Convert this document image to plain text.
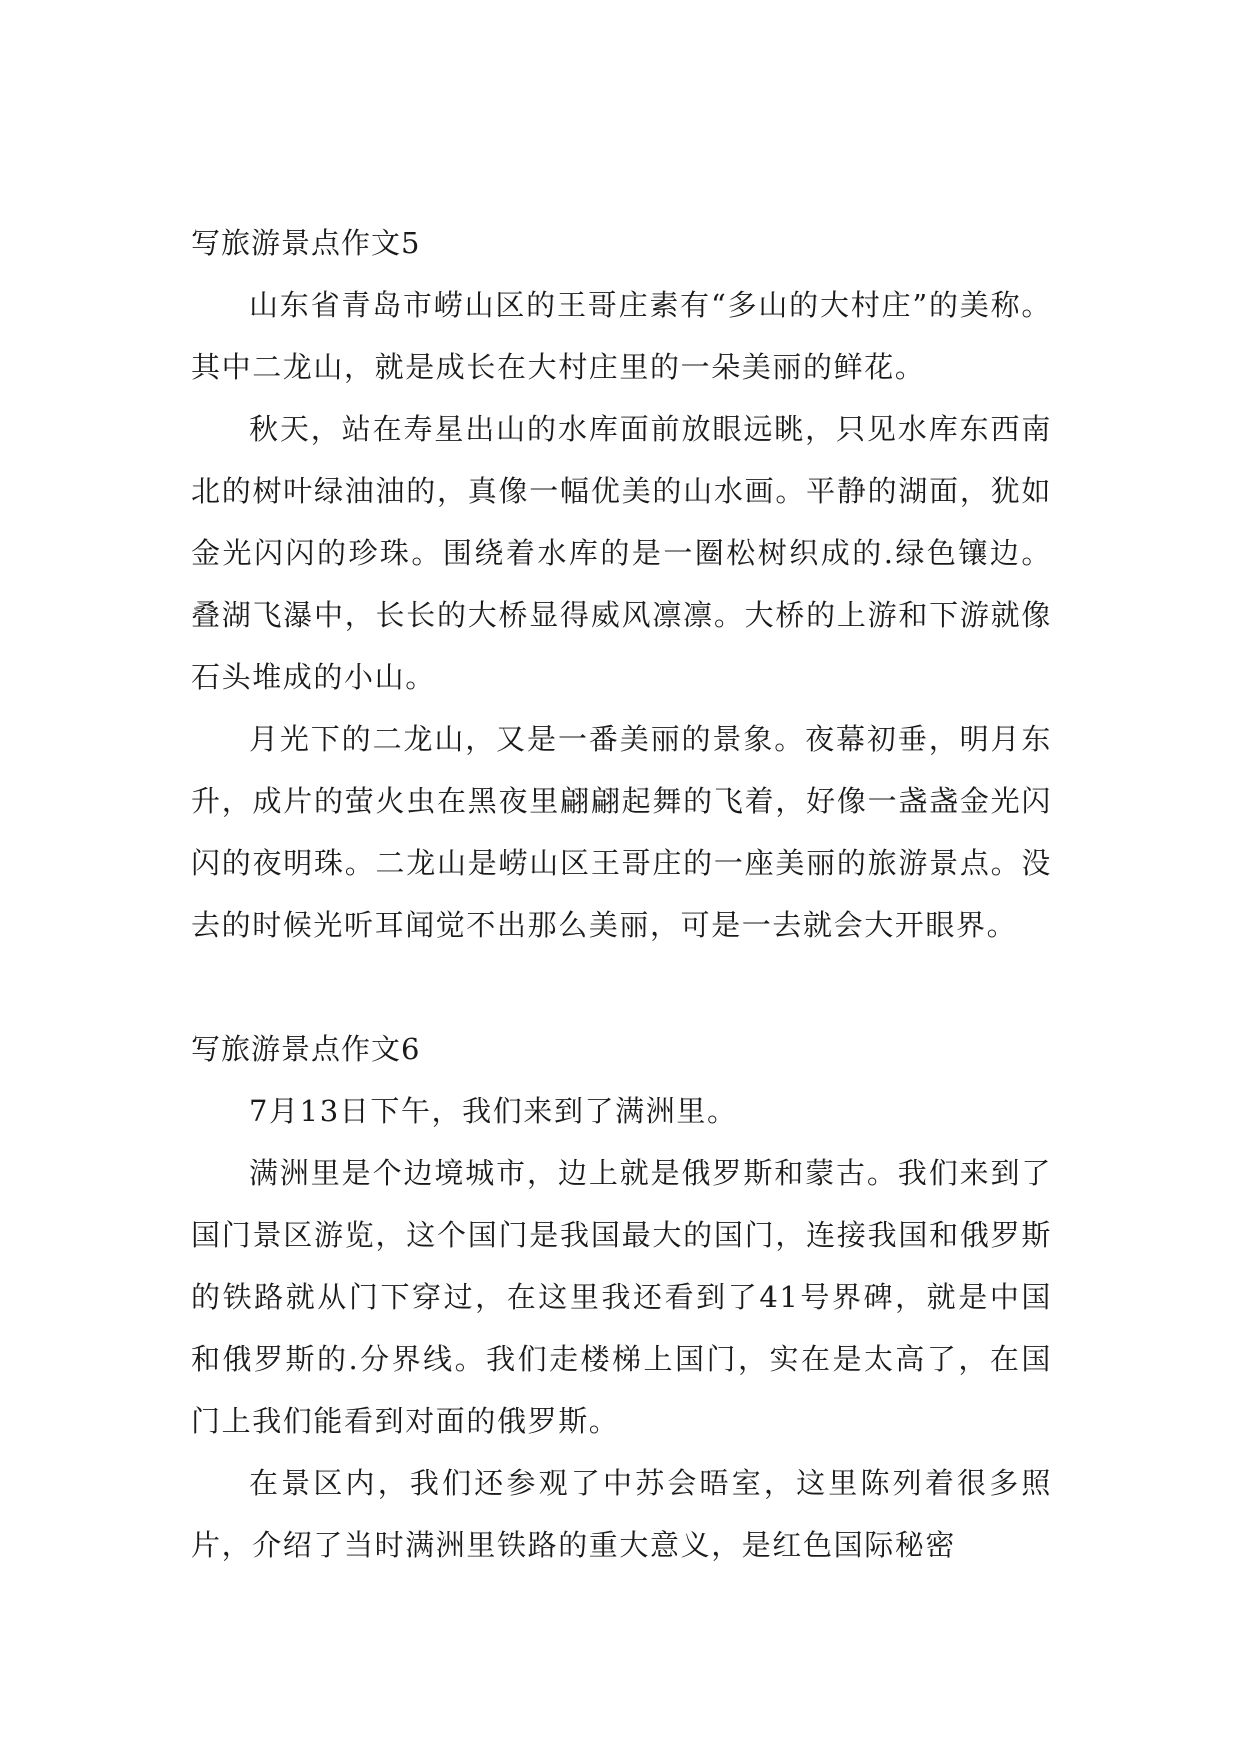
写旅游景点作文5

山东省青岛市崂山区的王哥庄素有“多山的大村庄”的美称。其中二龙山，就是成长在大村庄里的一朵美丽的鲜花。

秋天，站在寿星出山的水库面前放眼远眺，只见水库东西南北的树叶绿油油的，真像一幅优美的山水画。平静的湖面，犹如金光闪闪的珍珠。围绕着水库的是一圈松树织成的.绿色镶边。叠湖飞瀑中，长长的大桥显得威风凛凛。大桥的上游和下游就像石头堆成的小山。

月光下的二龙山，又是一番美丽的景象。夜幕初垂，明月东升，成片的萤火虫在黑夜里翩翩起舞的飞着，好像一盏盏金光闪闪的夜明珠。二龙山是崂山区王哥庄的一座美丽的旅游景点。没去的时候光听耳闻觉不出那么美丽，可是一去就会大开眼界。

写旅游景点作文6

7月13日下午，我们来到了满洲里。

满洲里是个边境城市，边上就是俄罗斯和蒙古。我们来到了国门景区游览，这个国门是我国最大的国门，连接我国和俄罗斯的铁路就从门下穿过，在这里我还看到了41号界碑，就是中国和俄罗斯的.分界线。我们走楼梯上国门，实在是太高了，在国门上我们能看到对面的俄罗斯。

在景区内，我们还参观了中苏会晤室，这里陈列着很多照片，介绍了当时满洲里铁路的重大意义，是红色国际秘密
